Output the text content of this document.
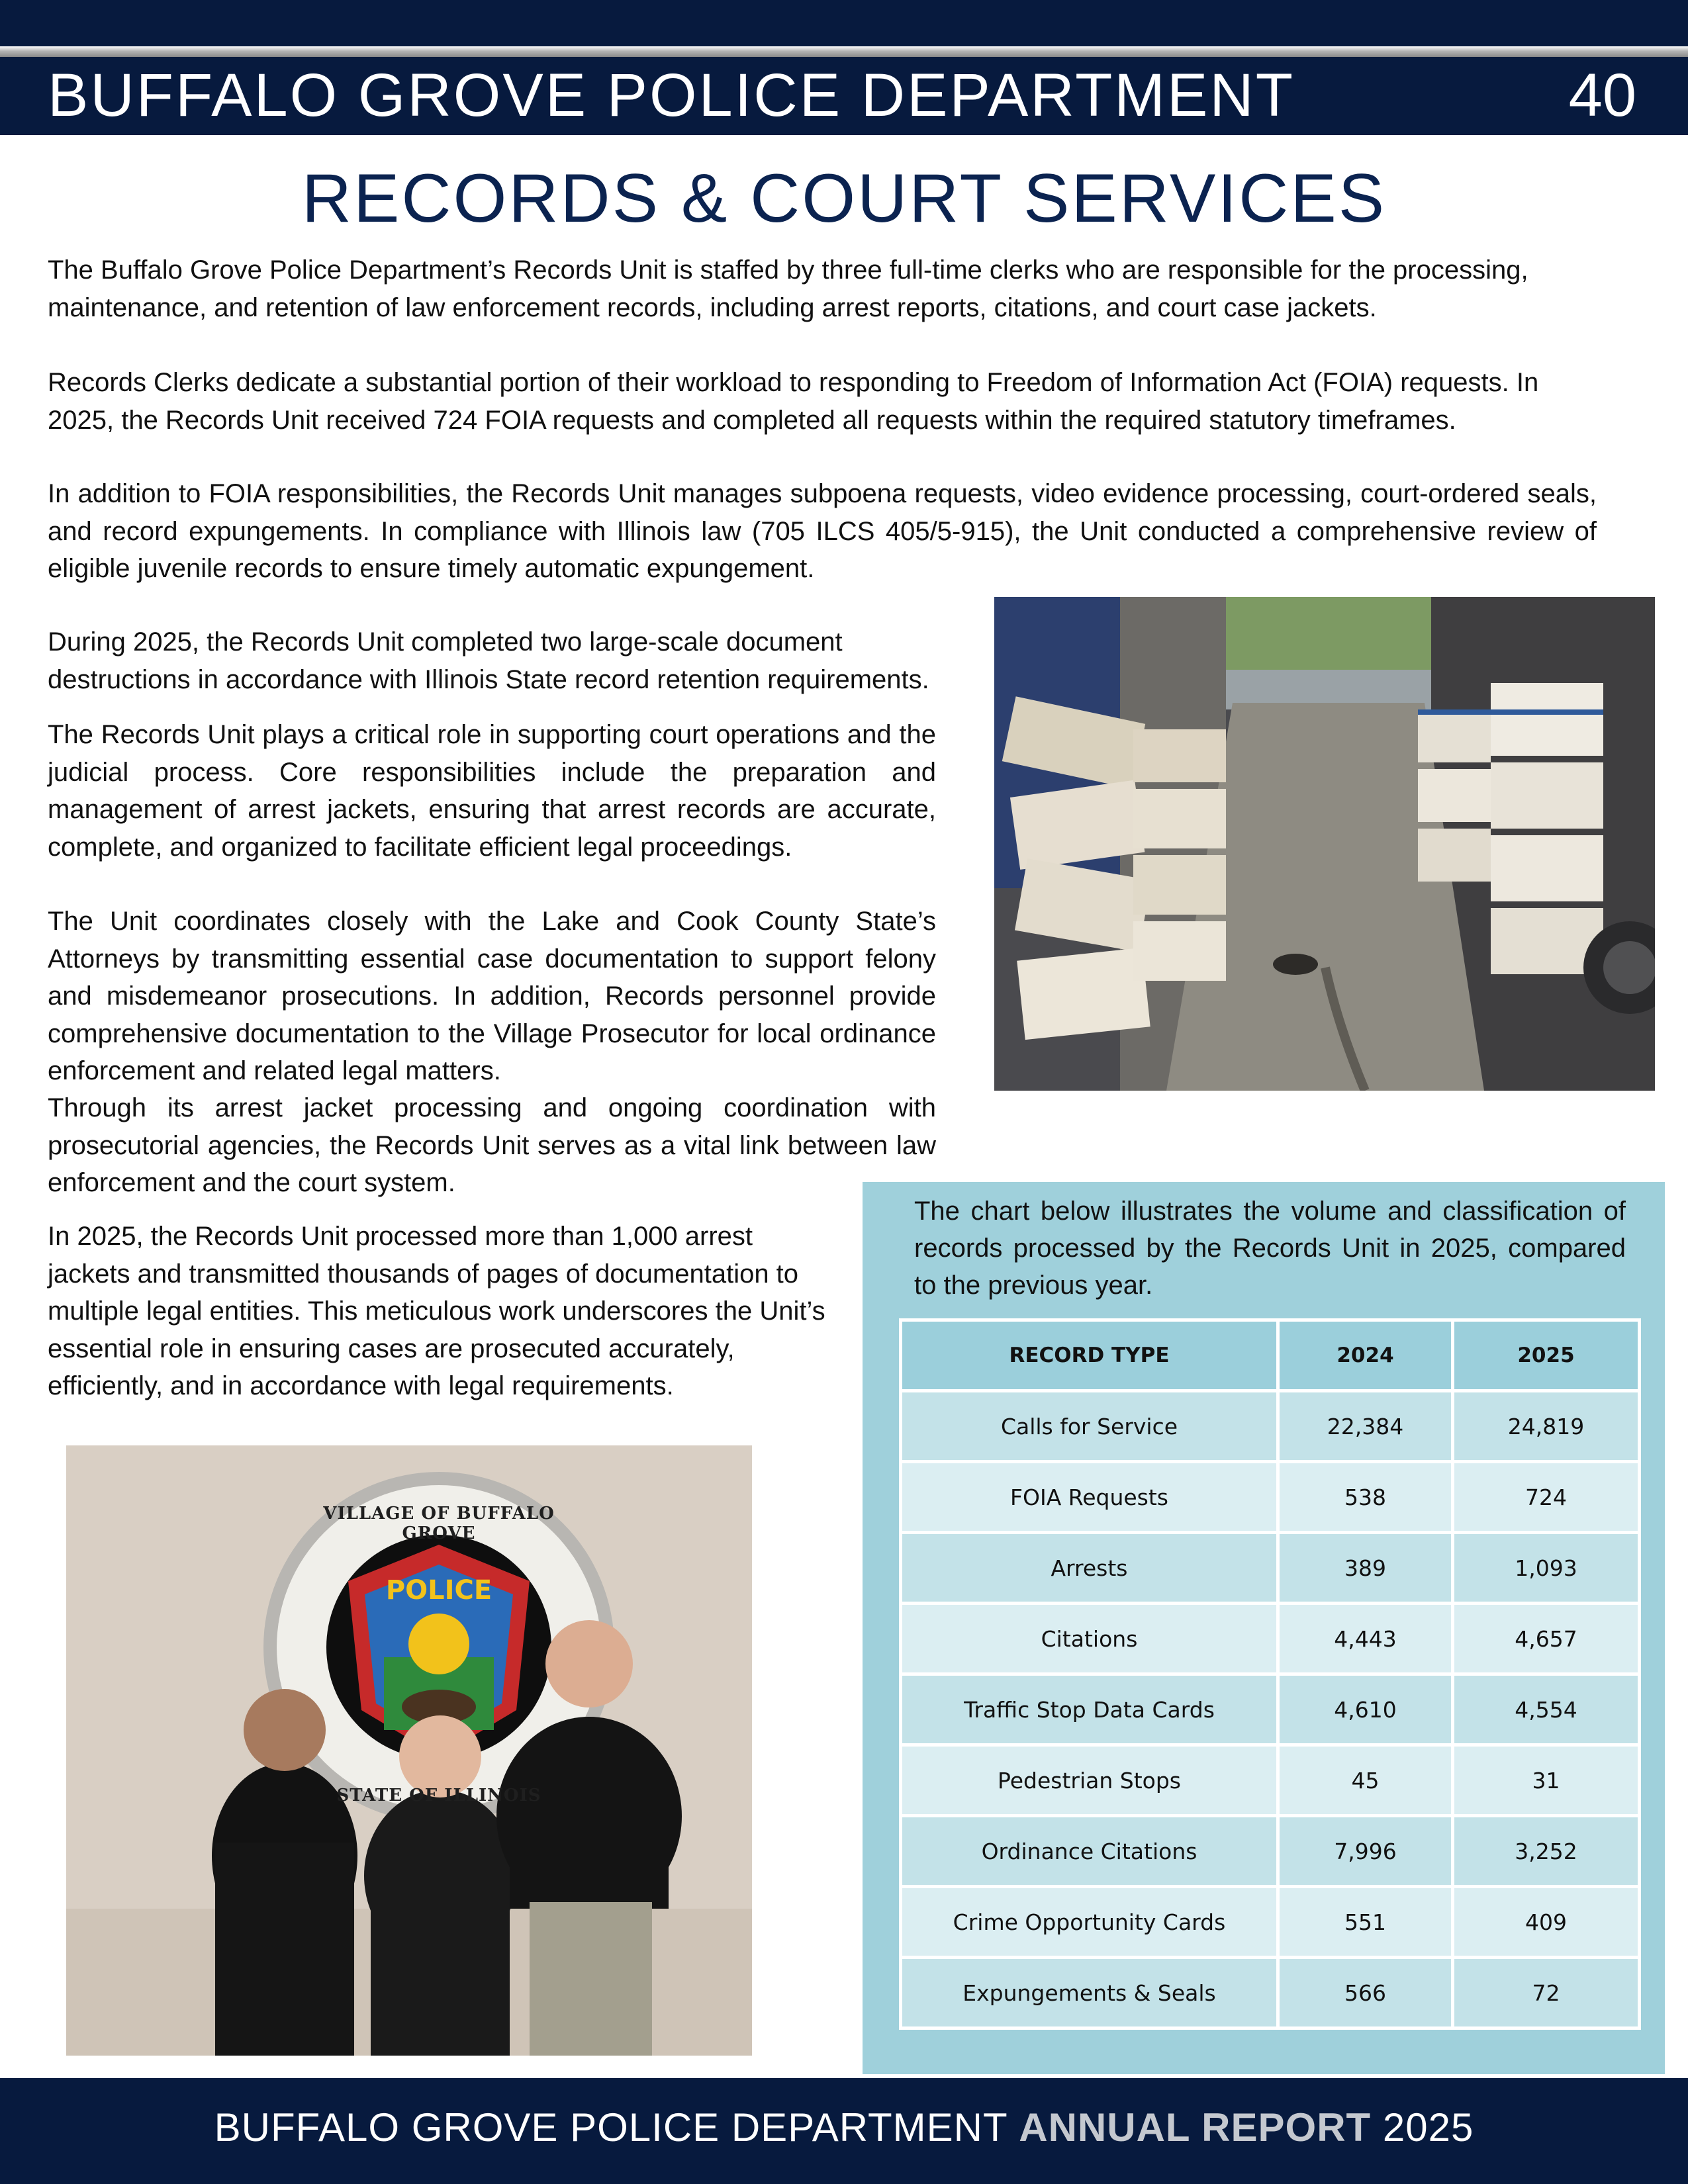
BUFFALO GROVE POLICE DEPARTMENT	40
RECORDS & COURT SERVICES

The Buffalo Grove Police Department’s Records Unit is staffed by three full-time clerks who are responsible for the processing, maintenance, and retention of law enforcement records, including arrest reports, citations, and court case jackets.

Records Clerks dedicate a substantial portion of their workload to responding to Freedom of Information Act (FOIA) requests. In 2025, the Records Unit received 724 FOIA requests and completed all requests within the required statutory timeframes.

In addition to FOIA responsibilities, the Records Unit manages subpoena requests, video evidence processing, court-ordered seals, and record expungements. In compliance with Illinois law (705 ILCS 405/5-915), the Unit conducted a comprehensive review of eligible juvenile records to ensure timely automatic expungement.

During 2025, the Records Unit completed two large-scale document destructions in accordance with Illinois State record retention requirements.

The Records Unit plays a critical role in supporting court operations and the judicial process. Core responsibilities include the preparation and management of arrest jackets, ensuring that arrest records are accurate, complete, and organized to facilitate efficient legal proceedings.

The Unit coordinates closely with the Lake and Cook County State’s Attorneys by transmitting essential case documentation to support felony and misdemeanor prosecutions. In addition, Records personnel provide comprehensive documentation to the Village Prosecutor for local ordinance enforcement and related legal matters.

Through its arrest jacket processing and ongoing coordination with prosecutorial agencies, the Records Unit serves as a vital link between law enforcement and the court system.

In 2025, the Records Unit processed more than 1,000 arrest jackets and transmitted thousands of pages of documentation to multiple legal entities. This meticulous work underscores the Unit’s essential role in ensuring cases are prosecuted accurately, efficiently, and in accordance with legal requirements.

VILLAGE OF BUFFALO GROVE
POLICE
STATE OF ILLINOIS

The chart below illustrates the volume and classification of records processed by the Records Unit in 2025, compared to the previous year.

RECORD TYPE	2024	2025
Calls for Service	22,384	24,819
FOIA Requests	538	724
Arrests	389	1,093
Citations	4,443	4,657
Traffic Stop Data Cards	4,610	4,554
Pedestrian Stops	45	31
Ordinance Citations	7,996	3,252
Crime Opportunity Cards	551	409
Expungements & Seals	566	72
BUFFALO GROVE POLICE DEPARTMENT ANNUAL REPORT 2025
